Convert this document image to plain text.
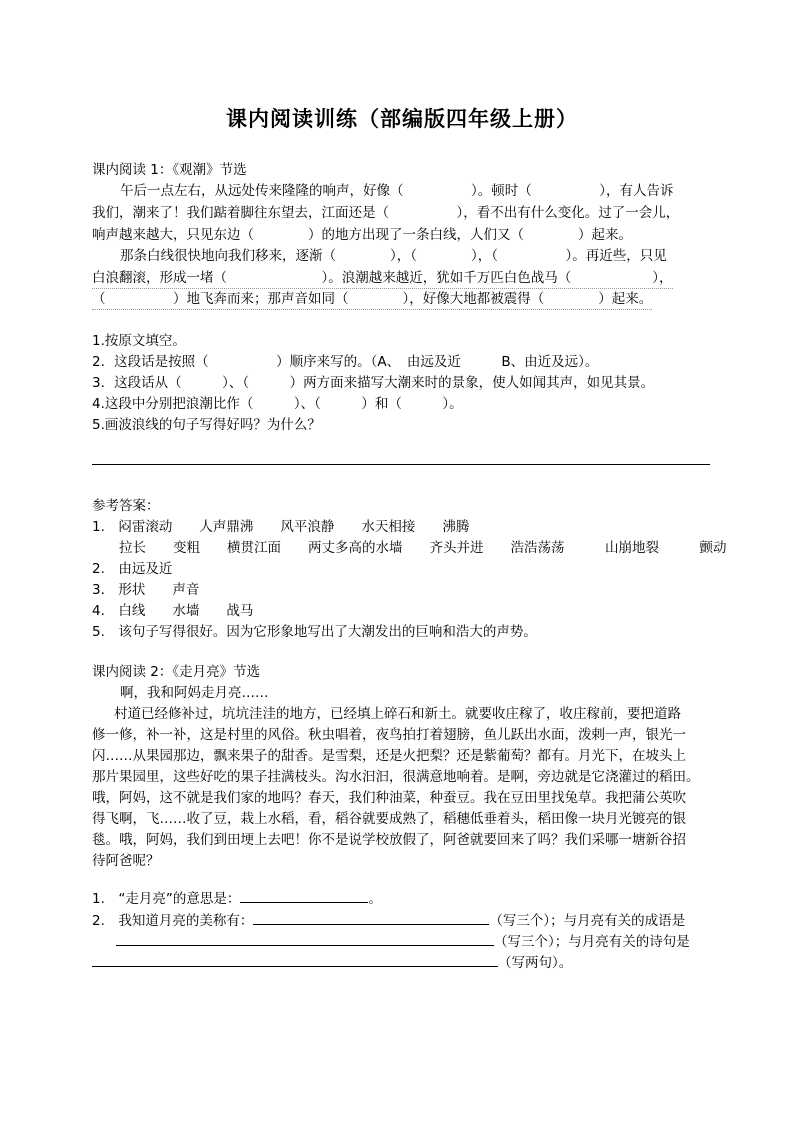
课内阅读训练（部编版四年级上册）
课内阅读 1：《观潮》节选
午后一点左右，从远处传来隆隆的响声，好像（　　　　　）。顿时（　　　　　），有人告诉
我们，潮来了！我们踮着脚往东望去，江面还是（　　　　　），看不出有什么变化。过了一会儿，
响声越来越大，只见东边（　　　　）的地方出现了一条白线，人们又（　　　　）起来。
那条白线很快地向我们移来，逐渐（　　　　），（　　　　），（　　　　　）。再近些，只见
白浪翻滚，形成一堵（　　　　　　　）。浪潮越来越近，犹如千万匹白色战马（　　　　　　），
（　　　　　）地飞奔而来；那声音如同（　　　　），好像大地都被震得（　　　　）起来。
1.按原文填空。
2．这段话是按照（　　　　　）顺序来写的。（A、　由远及近　　　B、由近及远）。
3．这段话从（　　　）、（　　　）两方面来描写大潮来时的景象，使人如闻其声，如见其景。
4.这段中分别把浪潮比作（　　　）、（　　　）和（　　　）。
5.画波浪线的句子写得好吗？为什么？
参考答案：
1.　闷雷滚动　　人声鼎沸　　风平浪静　　水天相接　　沸腾
　　拉长　　变粗　　横贯江面　　两丈多高的水墙　　齐头并进　　浩浩荡荡　　　山崩地裂　　　颤动
2.　由远及近
3.　形状　　声音
4.　白线　　水墙　　战马
5.　该句子写得很好。因为它形象地写出了大潮发出的巨响和浩大的声势。
课内阅读 2：《走月亮》节选
啊，我和阿妈走月亮……
村道已经修补过，坑坑洼洼的地方，已经填上碎石和新土。就要收庄稼了，收庄稼前，要把道路
修一修，补一补，这是村里的风俗。秋虫唱着，夜鸟拍打着翅膀，鱼儿跃出水面，泼剌一声，银光一
闪……从果园那边，飘来果子的甜香。是雪梨，还是火把梨？还是紫葡萄？都有。月光下，在坡头上
那片果园里，这些好吃的果子挂满枝头。沟水汩汩，很满意地响着。是啊，旁边就是它浇灌过的稻田。
哦，阿妈，这不就是我们家的地吗？春天，我们种油菜，种蚕豆。我在豆田里找兔草。我把蒲公英吹
得飞啊，飞……收了豆，栽上水稻，看，稻谷就要成熟了，稻穗低垂着头，稻田像一块月光镀亮的银
毯。哦，阿妈，我们到田埂上去吧！你不是说学校放假了，阿爸就要回来了吗？我们采哪一塘新谷招
待阿爸呢？
1.　“走月亮”的意思是：	。
2.　我知道月亮的美称有：	（写三个）；与月亮有关的成语是
（写三个）；与月亮有关的诗句是
（写两句）。
